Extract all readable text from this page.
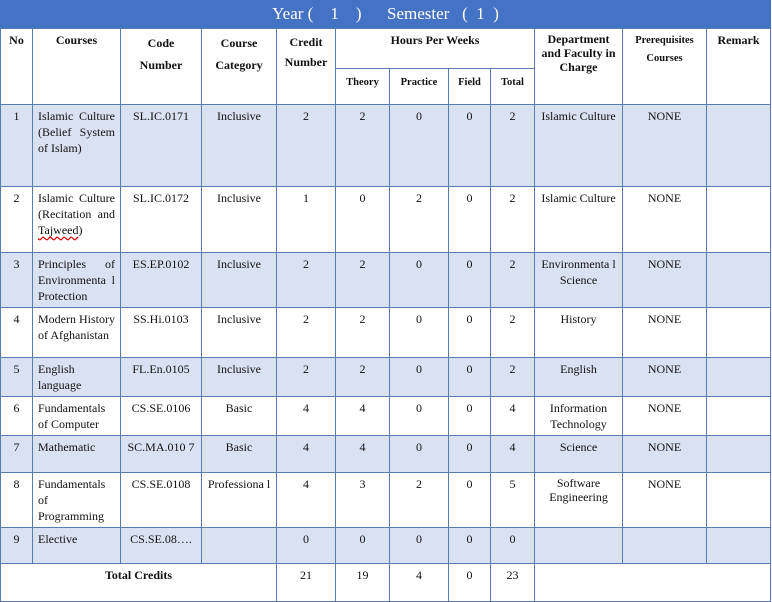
Year
(
1
)
Semester
(
1
)
No	Courses	Code Number	Course Category	Credit Number	Hours Per Weeks				Department and Faculty in Charge	Prerequisites Courses	Remark
					Theory	Practice	Field	Total			
1	Islamic Culture (Belief System of Islam)	SL.IC.0171	Inclusive	2	2	0	0	2	Islamic Culture	NONE	
2	Islamic Culture (Recitation and Tajweed)	SL.IC.0172	Inclusive	1	0	2	0	2	Islamic Culture	NONE	
3	Principles of Environmenta l Protection	ES.EP.0102	Inclusive	2	2	0	0	2	Environmenta l Science	NONE	
4	Modern History of Afghanistan	SS.Hi.0103	Inclusive	2	2	0	0	2	History	NONE	
5	English language	FL.En.0105	Inclusive	2	2	0	0	2	English	NONE	
6	Fundamentals of Computer	CS.SE.0106	Basic	4	4	0	0	4	Information Technology	NONE	
7	Mathematic	SC.MA.010 7	Basic	4	4	0	0	4	Science	NONE	
8	Fundamentals of Programming	CS.SE.0108	Professiona l	4	3	2	0	5	Software Engineering	NONE	
9	Elective	CS.SE.08….		0	0	0	0	0			
Total Credits				21	19	4	0	23			
